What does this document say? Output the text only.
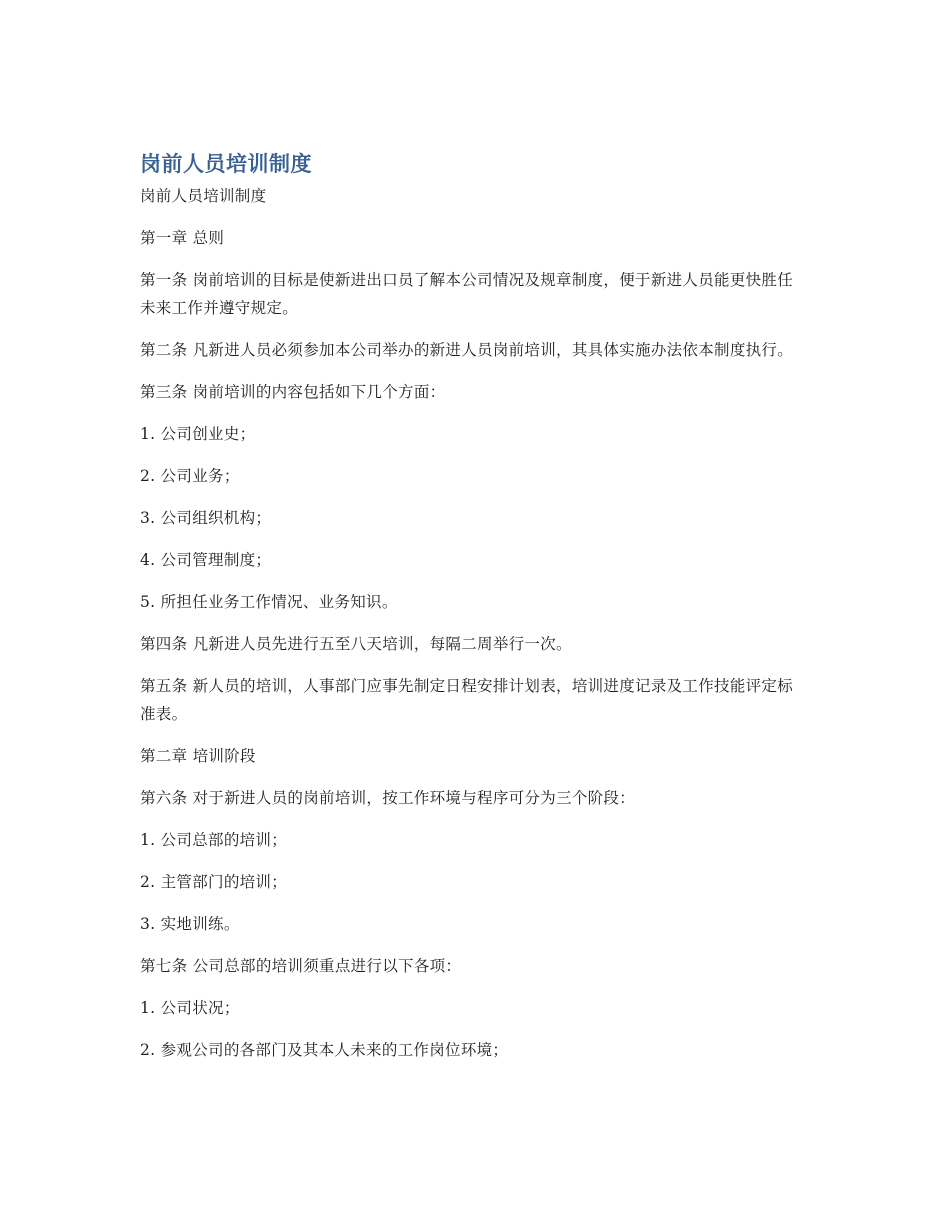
岗前人员培训制度

岗前人员培训制度

第一章 总则

第一条 岗前培训的目标是使新进出口员了解本公司情况及规章制度，便于新进人员能更快胜任未来工作并遵守规定。

第二条 凡新进人员必须参加本公司举办的新进人员岗前培训，其具体实施办法依本制度执行。

第三条 岗前培训的内容包括如下几个方面：

1. 公司创业史；

2. 公司业务；

3. 公司组织机构；

4. 公司管理制度；

5. 所担任业务工作情况、业务知识。

第四条 凡新进人员先进行五至八天培训，每隔二周举行一次。

第五条 新人员的培训，人事部门应事先制定日程安排计划表，培训进度记录及工作技能评定标准表。

第二章 培训阶段

第六条 对于新进人员的岗前培训，按工作环境与程序可分为三个阶段：

1. 公司总部的培训；

2. 主管部门的培训；

3. 实地训练。

第七条 公司总部的培训须重点进行以下各项：

1. 公司状况；

2. 参观公司的各部门及其本人未来的工作岗位环境；
